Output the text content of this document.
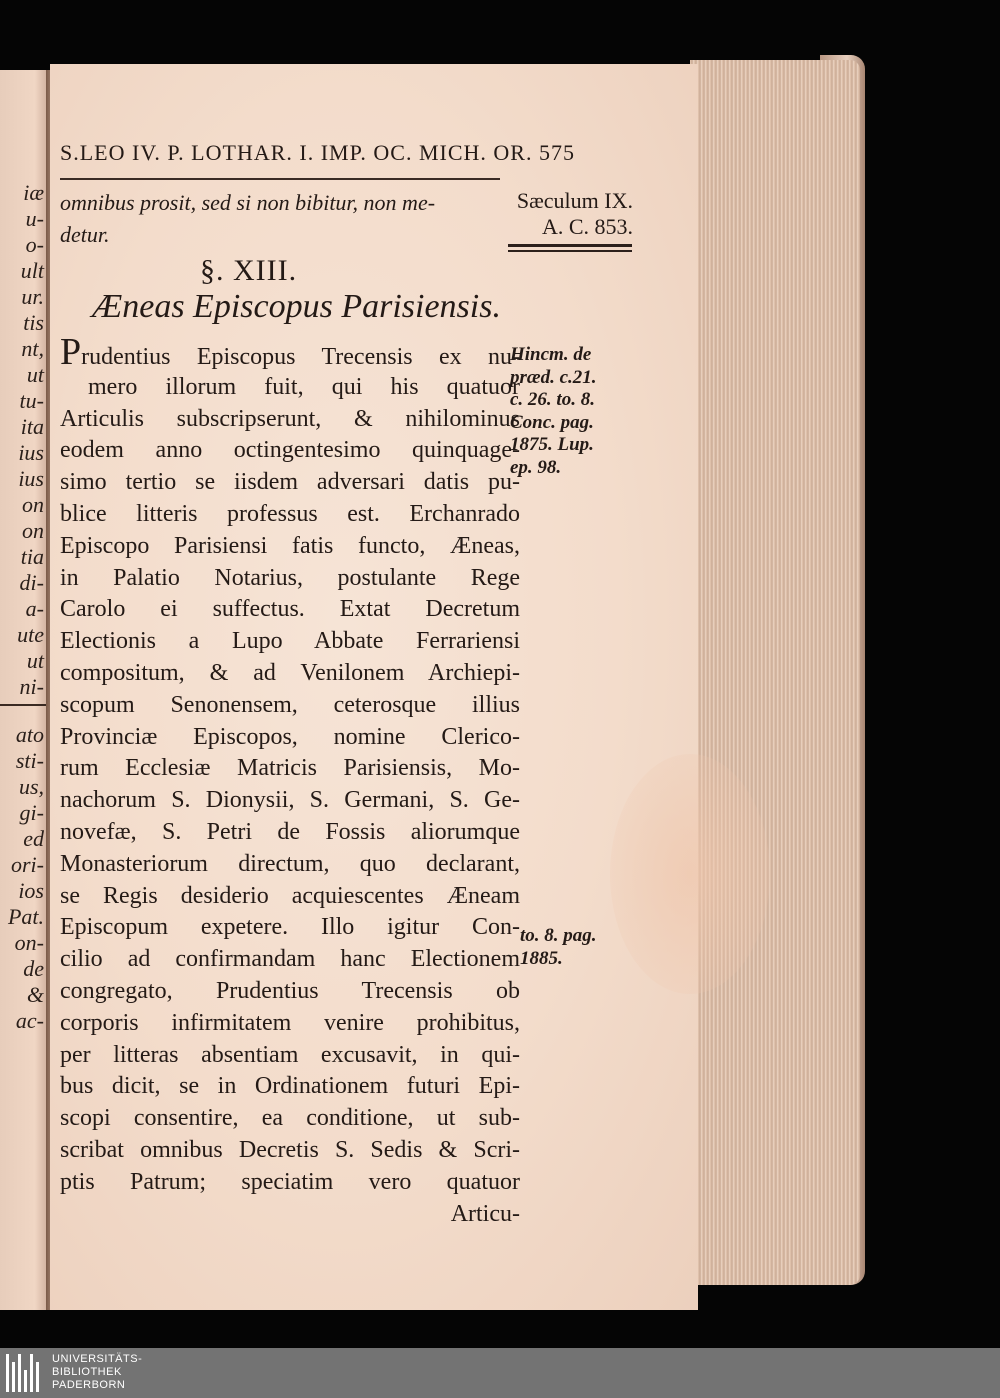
iæ
u-
o-
ult
ur.
tis
nt,
ut
tu-
ita
ius
ius
on
on
tia
di-
a-
ute
ut
ni-
ato
sti-
us,
gi-
ed
ori-
ios
Pat.
on-
de
&
ac-
S.LEO IV. P. LOTHAR. I. IMP. OC. MICH. OR. 575
omnibus prosit, sed si non bibitur, non me-
detur.
Sæculum IX.
A. C. 853.
§. XIII.
Æneas Episcopus Parisiensis.
Prudentius Episcopus Trecensis ex nu-
mero illorum fuit, qui his quatuor
Articulis subscripserunt, & nihilominus
eodem anno octingentesimo quinquage-
simo tertio se iisdem adversari datis pu-
blice litteris professus est. Erchanrado
Episcopo Parisiensi fatis functo, Æneas,
in Palatio Notarius, postulante Rege
Carolo ei suffectus. Extat Decretum
Electionis a Lupo Abbate Ferrariensi
compositum, & ad Venilonem Archiepi-
scopum Senonensem, ceterosque illius
Provinciæ Episcopos, nomine Clerico-
rum Ecclesiæ Matricis Parisiensis, Mo-
nachorum S. Dionysii, S. Germani, S. Ge-
novefæ, S. Petri de Fossis aliorumque
Monasteriorum directum, quo declarant,
se Regis desiderio acquiescentes Æneam
Episcopum expetere. Illo igitur Con-
cilio ad confirmandam hanc Electionem
congregato, Prudentius Trecensis ob
corporis infirmitatem venire prohibitus,
per litteras absentiam excusavit, in qui-
bus dicit, se in Ordinationem futuri Epi-
scopi consentire, ea conditione, ut sub-
scribat omnibus Decretis S. Sedis & Scri-
ptis Patrum; speciatim vero quatuor
Articu-
Hincm. de
præd. c.21.
c. 26. to. 8.
Conc. pag.
1875. Lup.
ep. 98.
to. 8. pag.
1885.
UNIVERSITÄTS-
BIBLIOTHEK
PADERBORN
